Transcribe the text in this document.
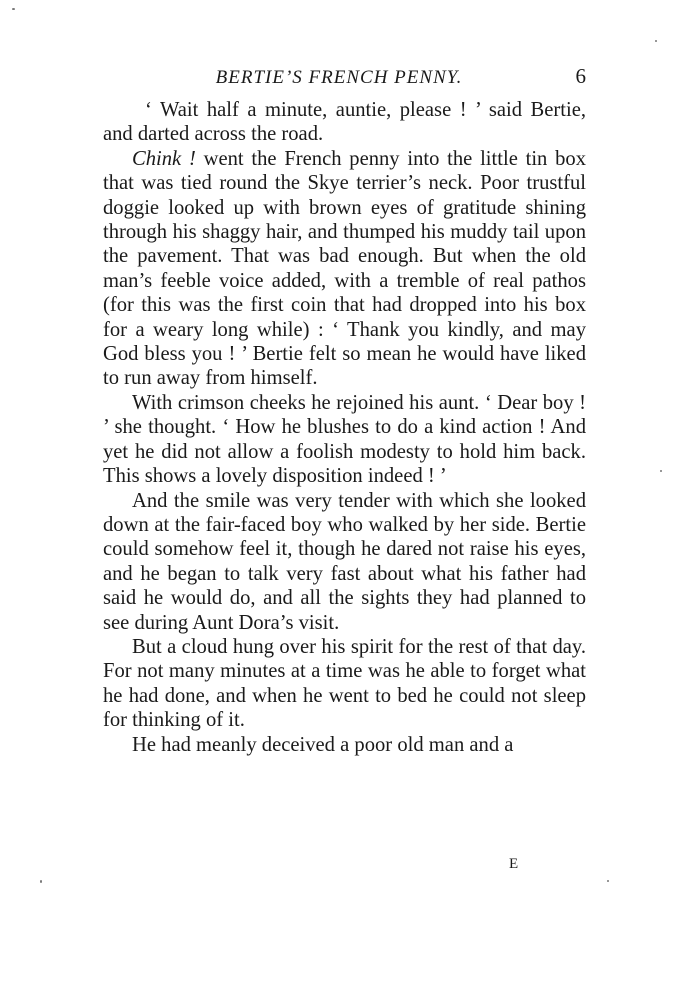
BERTIE’S FRENCH PENNY.	6

‘ Wait half a minute, auntie, please ! ’ said Bertie, and darted across the road.

Chink ! went the French penny into the little tin box that was tied round the Skye terrier’s neck. Poor trustful doggie looked up with brown eyes of gratitude shining through his shaggy hair, and thumped his muddy tail upon the pavement. That was bad enough. But when the old man’s feeble voice added, with a tremble of real pathos (for this was the first coin that had dropped into his box for a weary long while) : ‘ Thank you kindly, and may God bless you ! ’ Bertie felt so mean he would have liked to run away from himself.

With crimson cheeks he rejoined his aunt. ‘ Dear boy ! ’ she thought. ‘ How he blushes to do a kind action ! And yet he did not allow a foolish modesty to hold him back. This shows a lovely disposition indeed ! ’

And the smile was very tender with which she looked down at the fair-faced boy who walked by her side. Bertie could somehow feel it, though he dared not raise his eyes, and he began to talk very fast about what his father had said he would do, and all the sights they had planned to see during Aunt Dora’s visit.

But a cloud hung over his spirit for the rest of that day. For not many minutes at a time was he able to forget what he had done, and when he went to bed he could not sleep for thinking of it.

He had meanly deceived a poor old man and a

E
